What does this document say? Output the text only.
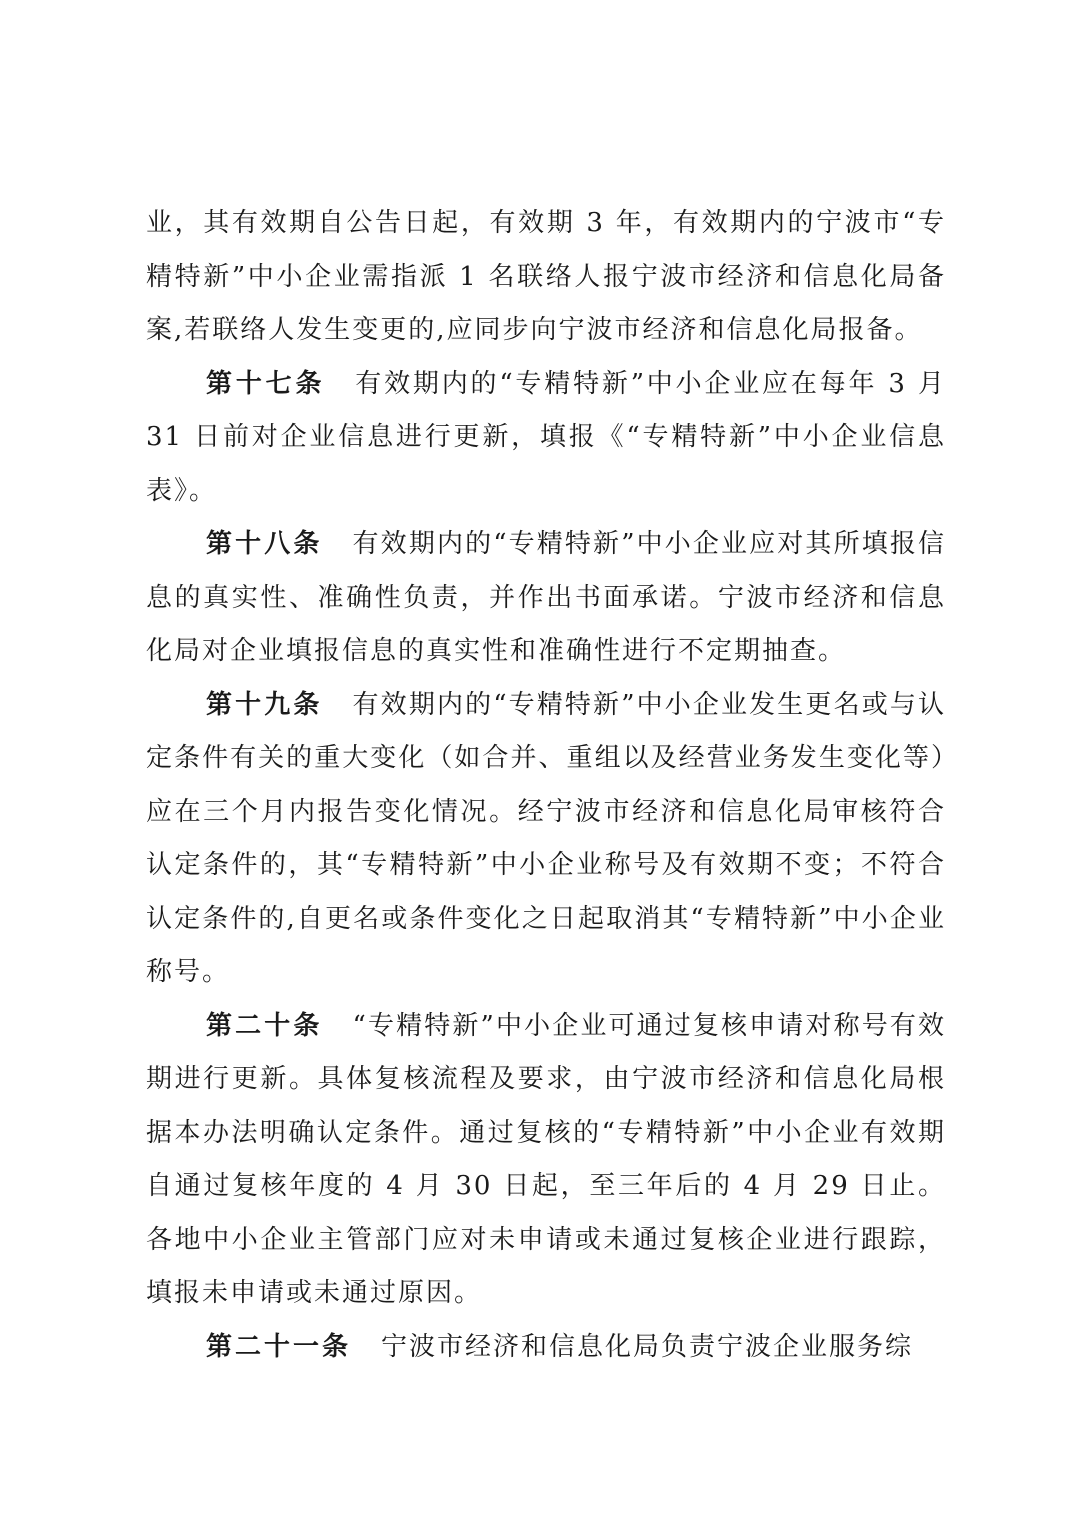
业，其有效期自公告日起，有效期 3 年，有效期内的宁波市“专精特新”中小企业需指派 1 名联络人报宁波市经济和信息化局备案,若联络人发生变更的,应同步向宁波市经济和信息化局报备。

第十七条 有效期内的“专精特新”中小企业应在每年 3 月 31 日前对企业信息进行更新，填报《“专精特新”中小企业信息表》。

第十八条 有效期内的“专精特新”中小企业应对其所填报信息的真实性、准确性负责，并作出书面承诺。宁波市经济和信息化局对企业填报信息的真实性和准确性进行不定期抽查。

第十九条 有效期内的“专精特新”中小企业发生更名或与认定条件有关的重大变化（如合并、重组以及经营业务发生变化等）应在三个月内报告变化情况。经宁波市经济和信息化局审核符合认定条件的，其“专精特新”中小企业称号及有效期不变；不符合认定条件的,自更名或条件变化之日起取消其“专精特新”中小企业称号。

第二十条 “专精特新”中小企业可通过复核申请对称号有效期进行更新。具体复核流程及要求，由宁波市经济和信息化局根据本办法明确认定条件。通过复核的“专精特新”中小企业有效期自通过复核年度的 4 月 30 日起，至三年后的 4 月 29 日止。各地中小企业主管部门应对未申请或未通过复核企业进行跟踪，填报未申请或未通过原因。

第二十一条 宁波市经济和信息化局负责宁波企业服务综
